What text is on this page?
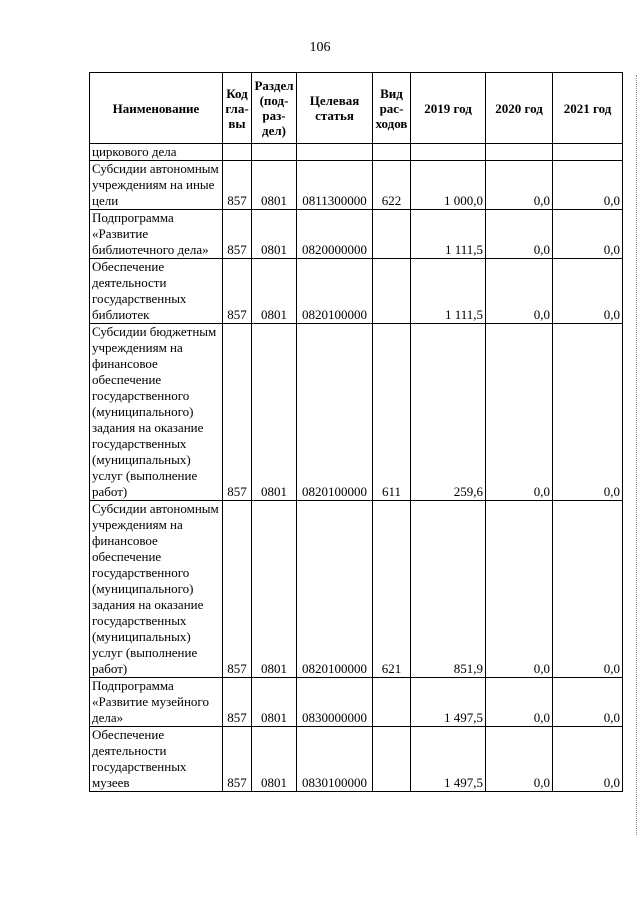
106
Наименование	Код гла-вы	Раздел (под-раз-дел)	Целевая статья	Вид рас-ходов	2019 год	2020 год	2021 год
циркового дела							
Субсидии автономным учреждениям на иные цели	857	0801	0811300000	622	1 000,0	0,0	0,0
Подпрограмма «Развитие библиотечного дела»	857	0801	0820000000		1 111,5	0,0	0,0
Обеспечение деятельности государственных библиотек	857	0801	0820100000		1 111,5	0,0	0,0
Субсидии бюджетным учреждениям на финансовое обеспечение государственного (муниципального) задания на оказание государственных (муниципальных) услуг (выполнение работ)	857	0801	0820100000	611	259,6	0,0	0,0
Субсидии автономным учреждениям на финансовое обеспечение государственного (муниципального) задания на оказание государственных (муниципальных) услуг (выполнение работ)	857	0801	0820100000	621	851,9	0,0	0,0
Подпрограмма «Развитие музейного дела»	857	0801	0830000000		1 497,5	0,0	0,0
Обеспечение деятельности государственных музеев	857	0801	0830100000		1 497,5	0,0	0,0
